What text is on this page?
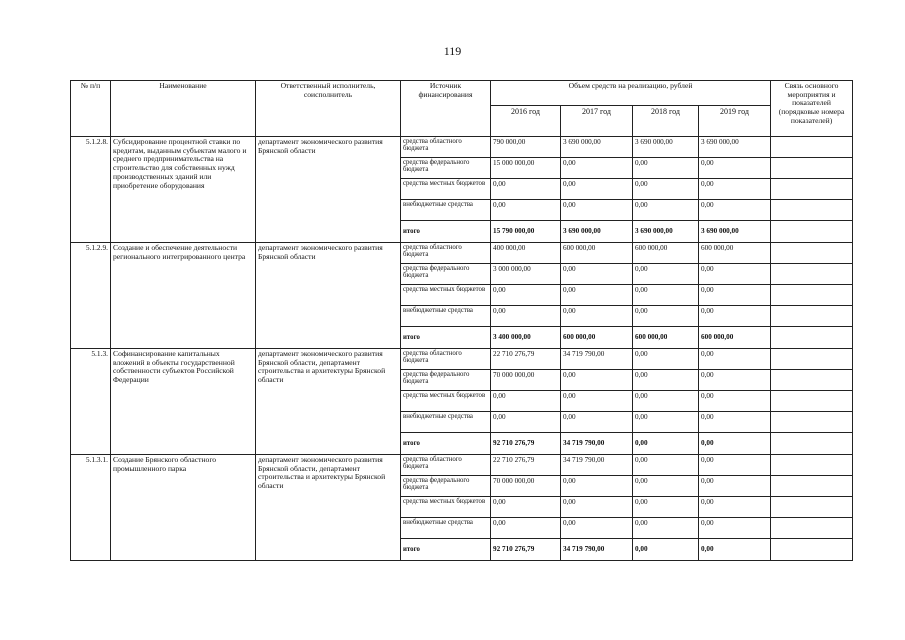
119
№ п/п	Наименование	Ответственный исполнитель, соисполнитель	Источник финансирования	Объем средств на реализацию, рублей				Связь основного мероприятия и показателей (порядковые номера показателей)
				2016 год	2017 год	2018 год	2019 год	
5.1.2.8.	Субсидирование процентной ставки по кредитам, выданным субъектам малого и среднего предпринимательства на строительство для собственных нужд производственных зданий или приобретение оборудования	департамент экономического развития Брянской области	средства областного бюджета	790 000,00	3 690 000,00	3 690 000,00	3 690 000,00	
			средства федерального бюджета	15 000 000,00	0,00	0,00	0,00	
			средства местных бюджетов	0,00	0,00	0,00	0,00	
			внебюджетные средства	0,00	0,00	0,00	0,00	
			итого	15 790 000,00	3 690 000,00	3 690 000,00	3 690 000,00	
5.1.2.9.	Создание и обеспечение деятельности регионального интегрированного центра	департамент экономического развития Брянской области	средства областного бюджета	400 000,00	600 000,00	600 000,00	600 000,00	
			средства федерального бюджета	3 000 000,00	0,00	0,00	0,00	
			средства местных бюджетов	0,00	0,00	0,00	0,00	
			внебюджетные средства	0,00	0,00	0,00	0,00	
			итого	3 400 000,00	600 000,00	600 000,00	600 000,00	
5.1.3.	Софинансирование капитальных вложений в объекты государственной собственности субъектов Российской Федерации	департамент экономического развития Брянской области, департамент строительства и архитектуры Брянской области	средства областного бюджета	22 710 276,79	34 719 790,00	0,00	0,00	
			средства федерального бюджета	70 000 000,00	0,00	0,00	0,00	
			средства местных бюджетов	0,00	0,00	0,00	0,00	
			внебюджетные средства	0,00	0,00	0,00	0,00	
			итого	92 710 276,79	34 719 790,00	0,00	0,00	
5.1.3.1.	Создание Брянского областного промышленного парка	департамент экономического развития Брянской области, департамент строительства и архитектуры Брянской области	средства областного бюджета	22 710 276,79	34 719 790,00	0,00	0,00	
			средства федерального бюджета	70 000 000,00	0,00	0,00	0,00	
			средства местных бюджетов	0,00	0,00	0,00	0,00	
			внебюджетные средства	0,00	0,00	0,00	0,00	
			итого	92 710 276,79	34 719 790,00	0,00	0,00	
